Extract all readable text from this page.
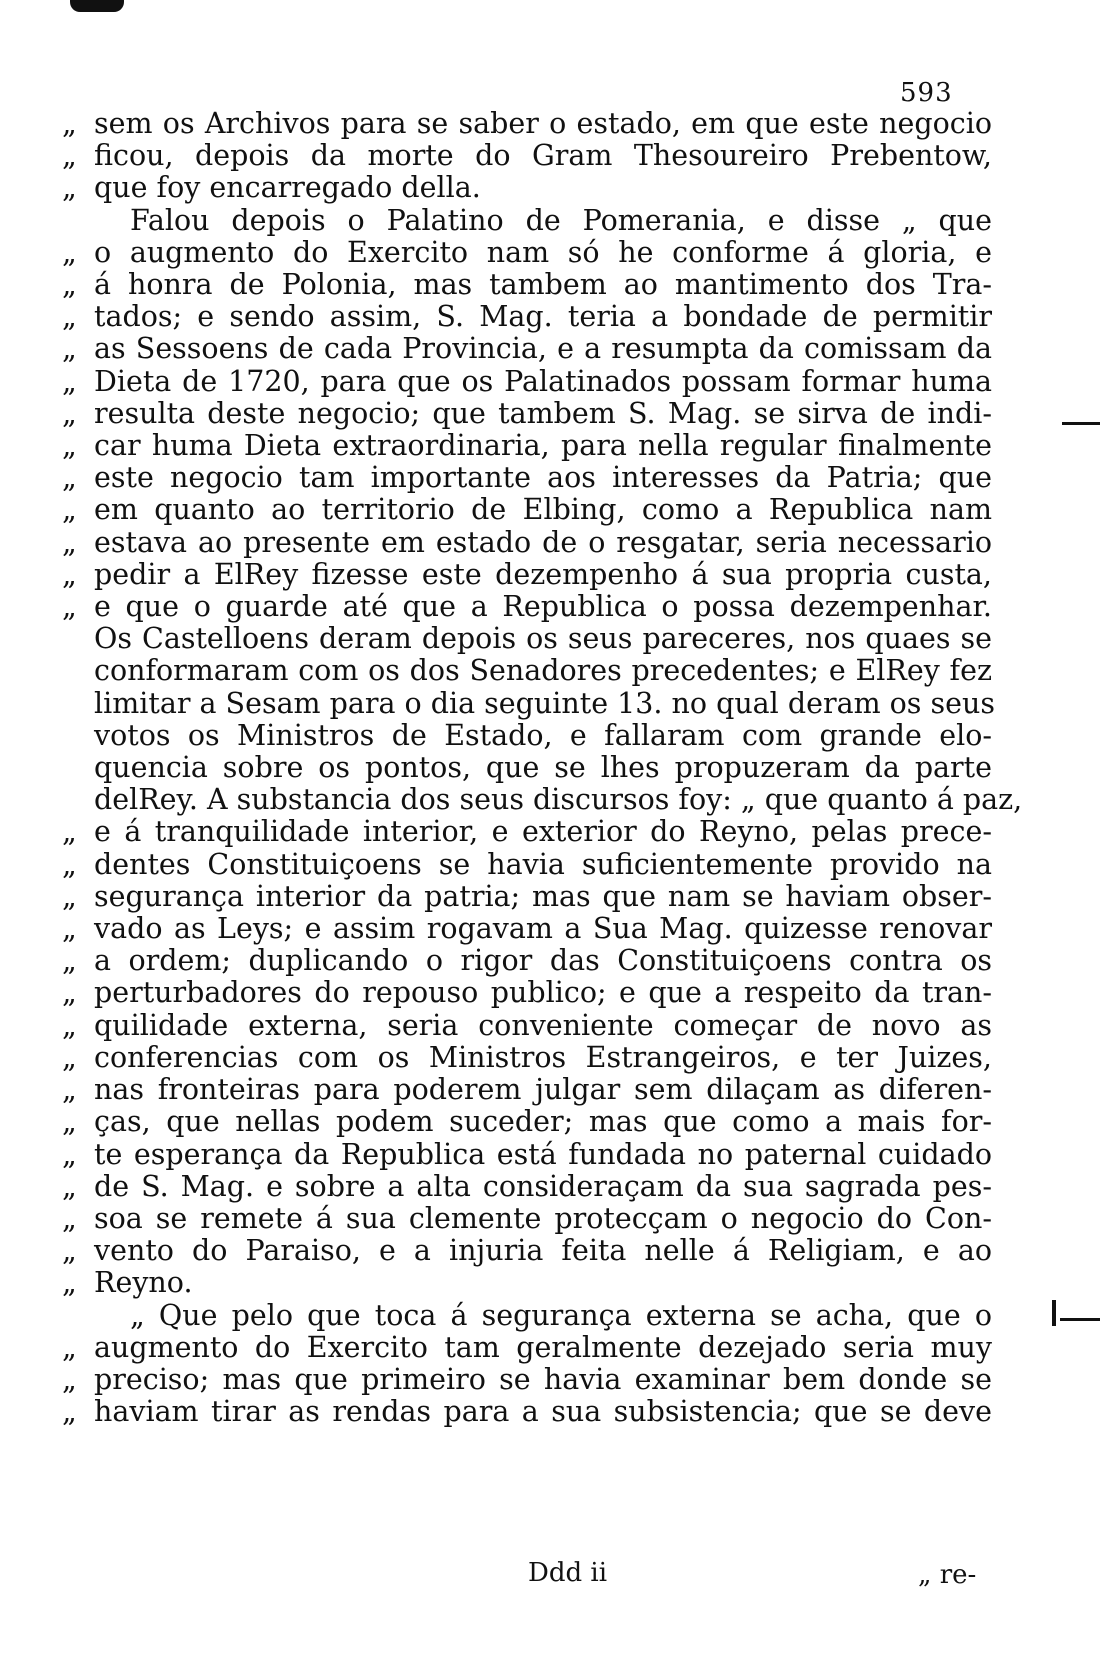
593
„ sem os Archivos para se saber o estado, em que este negocio
„ ficou, depois da morte do Gram Thesoureiro Prebentow,
„ que foy encarregado della.
Falou depois o Palatino de Pomerania, e disse „ que
„ o augmento do Exercito nam só he conforme á gloria, e
„ á honra de Polonia, mas tambem ao mantimento dos Tra-
„ tados; e sendo assim, S. Mag. teria a bondade de permitir
„ as Sessoens de cada Provincia, e a resumpta da comissam da
„ Dieta de 1720, para que os Palatinados possam formar huma
„ resulta deste negocio; que tambem S. Mag. se sirva de indi-
„ car huma Dieta extraordinaria, para nella regular finalmente
„ este negocio tam importante aos interesses da Patria; que
„ em quanto ao territorio de Elbing, como a Republica nam
„ estava ao presente em estado de o resgatar, seria necessario
„ pedir a ElRey fizesse este dezempenho á sua propria custa,
„ e que o guarde até que a Republica o possa dezempenhar.
Os Castelloens deram depois os seus pareceres, nos quaes se
conformaram com os dos Senadores precedentes; e ElRey fez
limitar a Sesam para o dia seguinte 13. no qual deram os seus
votos os Ministros de Estado, e fallaram com grande elo-
quencia sobre os pontos, que se lhes propuzeram da parte
delRey. A substancia dos seus discursos foy: „ que quanto á paz,
„ e á tranquilidade interior, e exterior do Reyno, pelas prece-
„ dentes Constituiçoens se havia suficientemente provido na
„ segurança interior da patria; mas que nam se haviam obser-
„ vado as Leys; e assim rogavam a Sua Mag. quizesse renovar
„ a ordem; duplicando o rigor das Constituiçoens contra os
„ perturbadores do repouso publico; e que a respeito da tran-
„ quilidade externa, seria conveniente começar de novo as
„ conferencias com os Ministros Estrangeiros, e ter Juizes,
„ nas fronteiras para poderem julgar sem dilaçam as diferen-
„ ças, que nellas podem suceder; mas que como a mais for-
„ te esperança da Republica está fundada no paternal cuidado
„ de S. Mag. e sobre a alta consideraçam da sua sagrada pes-
„ soa se remete á sua clemente protecçam o negocio do Con-
„ vento do Paraiso, e a injuria feita nelle á Religiam, e ao
„ Reyno.
„ Que pelo que toca á segurança externa se acha, que o
„ augmento do Exercito tam geralmente dezejado seria muy
„ preciso; mas que primeiro se havia examinar bem donde se
„ haviam tirar as rendas para a sua subsistencia; que se deve
Ddd ii	„ re-
